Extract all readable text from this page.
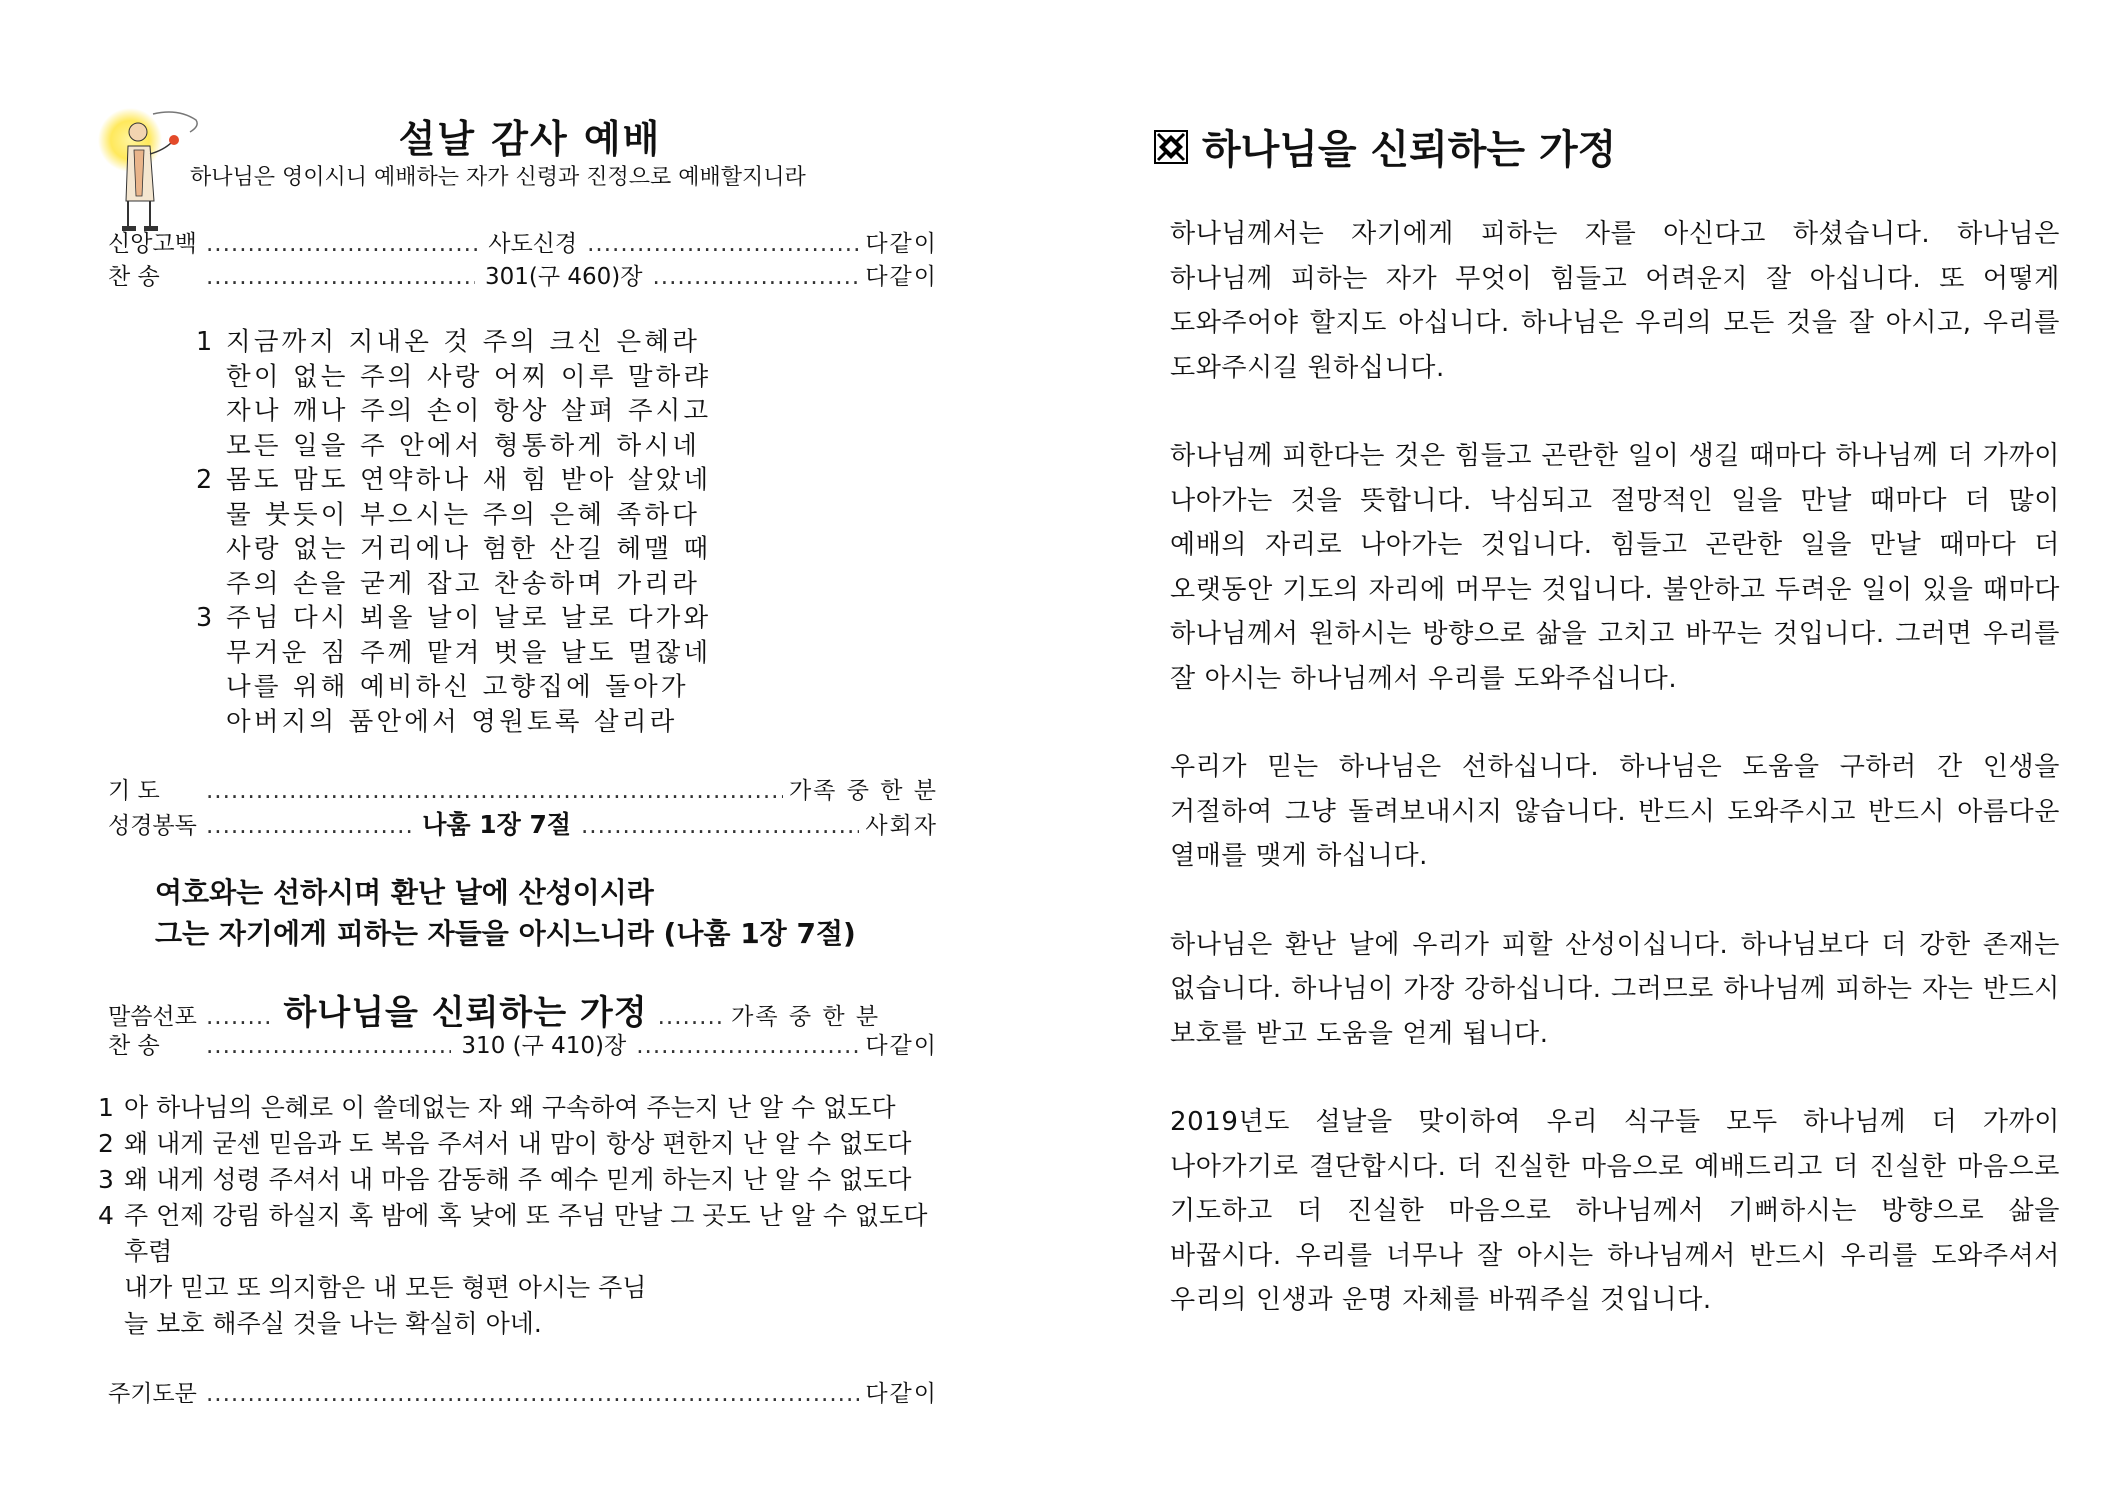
설날 감사 예배
하나님은 영이시니 예배하는 자가 신령과 진정으로 예배할지니라
신앙고백 .....	사도신경 .....	다같이
찬 송 .....	301(구 460)장 .....	다같이
1 지금까지 지내온 것 주의 크신 은혜라
한이 없는 주의 사랑 어찌 이루 말하랴
자나 깨나 주의 손이 항상 살펴 주시고
모든 일을 주 안에서 형통하게 하시네
2 몸도 맘도 연약하나 새 힘 받아 살았네
물 붓듯이 부으시는 주의 은혜 족하다
사랑 없는 거리에나 험한 산길 헤맬 때
주의 손을 굳게 잡고 찬송하며 가리라
3 주님 다시 뵈올 날이 날로 날로 다가와
무거운 짐 주께 맡겨 벗을 날도 멀잖네
나를 위해 예비하신 고향집에 돌아가
아버지의 품안에서 영원토록 살리라
기 도 .....	가족 중 한 분
성경봉독 .....	나훔 1장 7절 .....	사회자
여호와는 선하시며 환난 날에 산성이시라
그는 자기에게 피하는 자들을 아시느니라 (나훔 1장 7절)
말씀선포 .....	하나님을 신뢰하는 가정 .....	가족 중 한 분
찬 송 .....	310 (구 410)장 .....	다같이
1 아 하나님의 은혜로 이 쓸데없는 자 왜 구속하여 주는지 난 알 수 없도다
2 왜 내게 굳센 믿음과 도 복음 주셔서 내 맘이 항상 편한지 난 알 수 없도다
3 왜 내게 성령 주셔서 내 마음 감동해 주 예수 믿게 하는지 난 알 수 없도다
4 주 언제 강림 하실지 혹 밤에 혹 낮에 또 주님 만날 그 곳도 난 알 수 없도다
후렴
내가 믿고 또 의지함은 내 모든 형편 아시는 주님
늘 보호 해주실 것을 나는 확실히 아네.
주기도문 .....	다같이
하나님을 신뢰하는 가정

하나님께서는 자기에게 피하는 자를 아신다고 하셨습니다. 하나님은 하나님께 피하는 자가 무엇이 힘들고 어려운지 잘 아십니다. 또 어떻게 도와주어야 할지도 아십니다. 하나님은 우리의 모든 것을 잘 아시고, 우리를 도와주시길 원하십니다.

하나님께 피한다는 것은 힘들고 곤란한 일이 생길 때마다 하나님께 더 가까이 나아가는 것을 뜻합니다. 낙심되고 절망적인 일을 만날 때마다 더 많이 예배의 자리로 나아가는 것입니다. 힘들고 곤란한 일을 만날 때마다 더 오랫동안 기도의 자리에 머무는 것입니다. 불안하고 두려운 일이 있을 때마다 하나님께서 원하시는 방향으로 삶을 고치고 바꾸는 것입니다. 그러면 우리를 잘 아시는 하나님께서 우리를 도와주십니다.

우리가 믿는 하나님은 선하십니다. 하나님은 도움을 구하러 간 인생을 거절하여 그냥 돌려보내시지 않습니다. 반드시 도와주시고 반드시 아름다운 열매를 맺게 하십니다.

하나님은 환난 날에 우리가 피할 산성이십니다. 하나님보다 더 강한 존재는 없습니다. 하나님이 가장 강하십니다. 그러므로 하나님께 피하는 자는 반드시 보호를 받고 도움을 얻게 됩니다.

2019년도 설날을 맞이하여 우리 식구들 모두 하나님께 더 가까이 나아가기로 결단합시다. 더 진실한 마음으로 예배드리고 더 진실한 마음으로 기도하고 더 진실한 마음으로 하나님께서 기뻐하시는 방향으로 삶을 바꿉시다. 우리를 너무나 잘 아시는 하나님께서 반드시 우리를 도와주셔서 우리의 인생과 운명 자체를 바꿔주실 것입니다.
